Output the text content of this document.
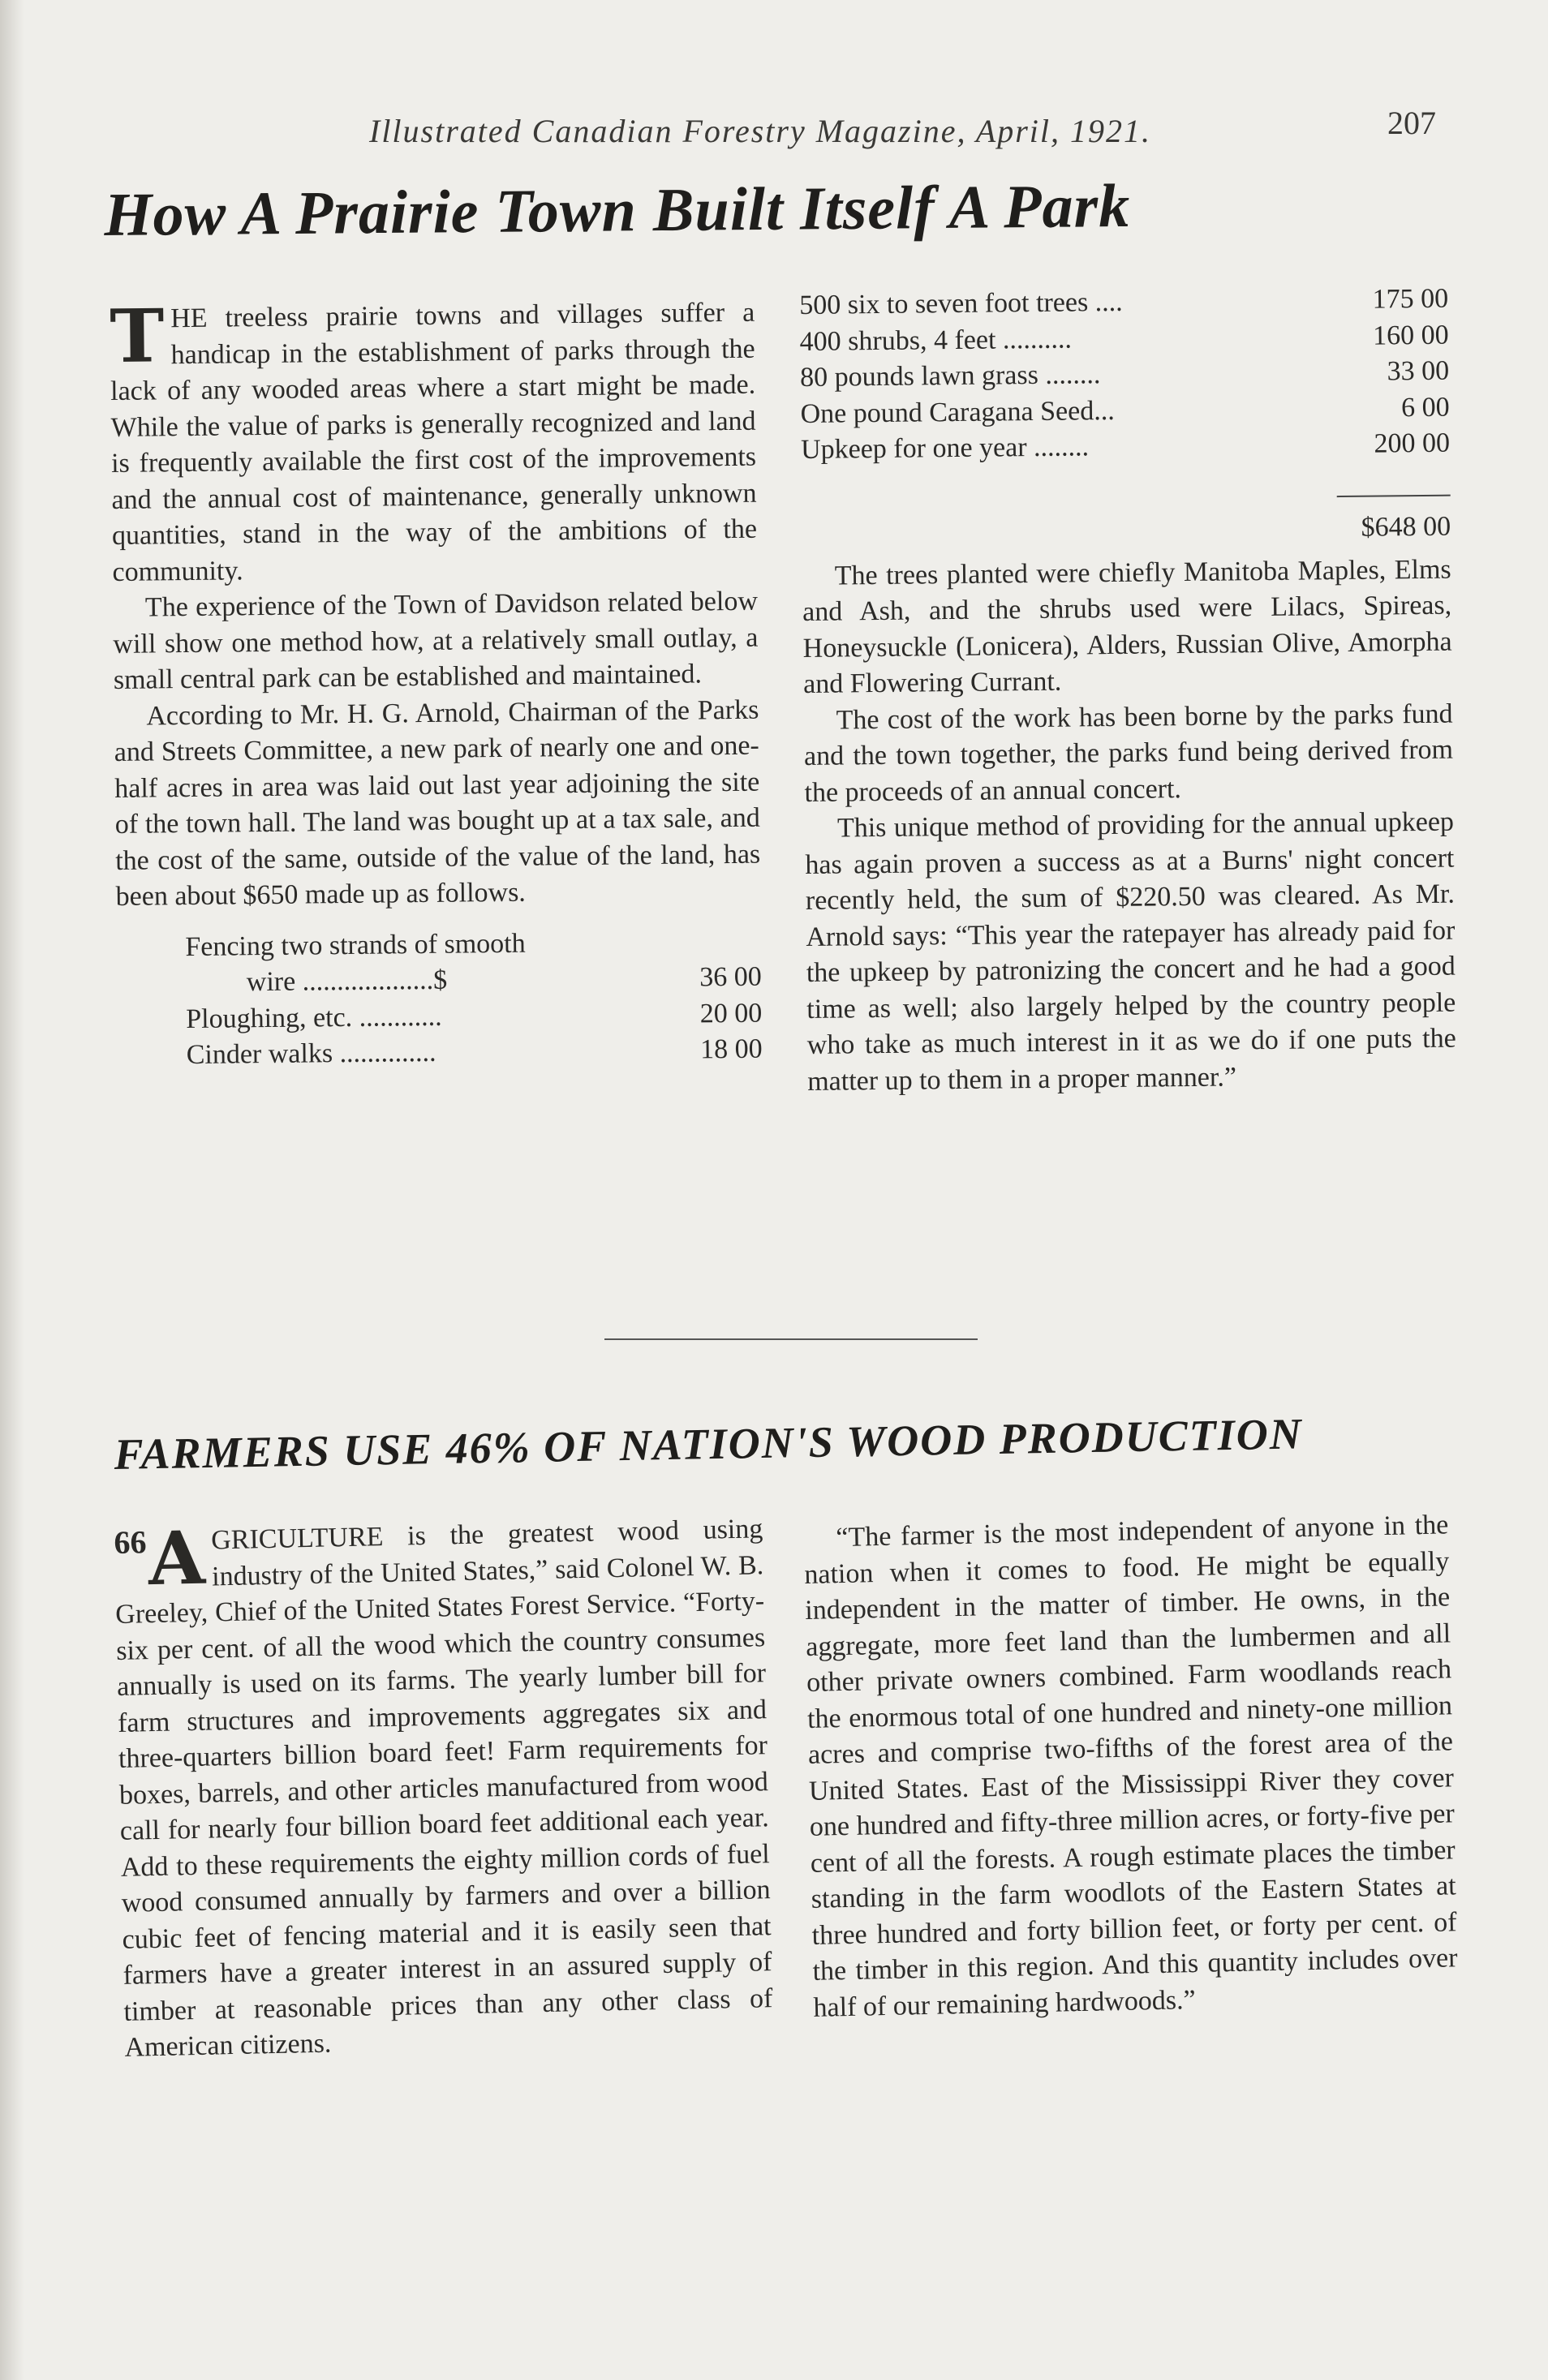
Illustrated Canadian Forestry Magazine, April, 1921.	207
How A Prairie Town Built Itself A Park

THE treeless prairie towns and villages suffer a handicap in the establishment of parks through the lack of any wooded areas where a start might be made. While the value of parks is generally recognized and land is frequently available the first cost of the improvements and the annual cost of maintenance, generally unknown quantities, stand in the way of the ambitions of the community.

The experience of the Town of Davidson related below will show one method how, at a relatively small outlay, a small central park can be established and maintained.

According to Mr. H. G. Arnold, Chairman of the Parks and Streets Committee, a new park of nearly one and one-half acres in area was laid out last year adjoining the site of the town hall. The land was bought up at a tax sale, and the cost of the same, outside of the value of the land, has been about $650 made up as follows.

Fencing two strands of smooth	
wire ...................$	36 00
Ploughing, etc. ............	20 00
Cinder walks ..............	18 00
500 six to seven foot trees ....	175 00
400 shrubs, 4 feet ..........	160 00
80 pounds lawn grass ........	33 00
One pound Caragana Seed...	6 00
Upkeep for one year ........	200 00

$648 00

The trees planted were chiefly Manitoba Maples, Elms and Ash, and the shrubs used were Lilacs, Spireas, Honeysuckle (Lonicera), Alders, Russian Olive, Amorpha and Flowering Currant.

The cost of the work has been borne by the parks fund and the town together, the parks fund being derived from the proceeds of an annual concert.

This unique method of providing for the annual upkeep has again proven a success as at a Burns' night concert recently held, the sum of $220.50 was cleared. As Mr. Arnold says: “This year the ratepayer has already paid for the upkeep by patronizing the concert and he had a good time as well; also largely helped by the country people who take as much interest in it as we do if one puts the matter up to them in a proper manner.”

FARMERS USE 46% OF NATION'S WOOD PRODUCTION

66 A GRICULTURE is the greatest wood using industry of the United States,” said Colonel W. B. Greeley, Chief of the United States Forest Service. “Forty-six per cent. of all the wood which the country consumes annually is used on its farms. The yearly lumber bill for farm structures and improvements aggregates six and three-quarters billion board feet! Farm requirements for boxes, barrels, and other articles manufactured from wood call for nearly four billion board feet additional each year. Add to these requirements the eighty million cords of fuel wood consumed annually by farmers and over a billion cubic feet of fencing material and it is easily seen that farmers have a greater interest in an assured supply of timber at reasonable prices than any other class of American citizens.

“The farmer is the most independent of anyone in the nation when it comes to food. He might be equally independent in the matter of timber. He owns, in the aggregate, more feet land than the lumbermen and all other private owners combined. Farm woodlands reach the enormous total of one hundred and ninety-one million acres and comprise two-fifths of the forest area of the United States. East of the Mississippi River they cover one hundred and fifty-three million acres, or forty-five per cent of all the forests. A rough estimate places the timber standing in the farm woodlots of the Eastern States at three hundred and forty billion feet, or forty per cent. of the timber in this region. And this quantity includes over half of our remaining hardwoods.”
